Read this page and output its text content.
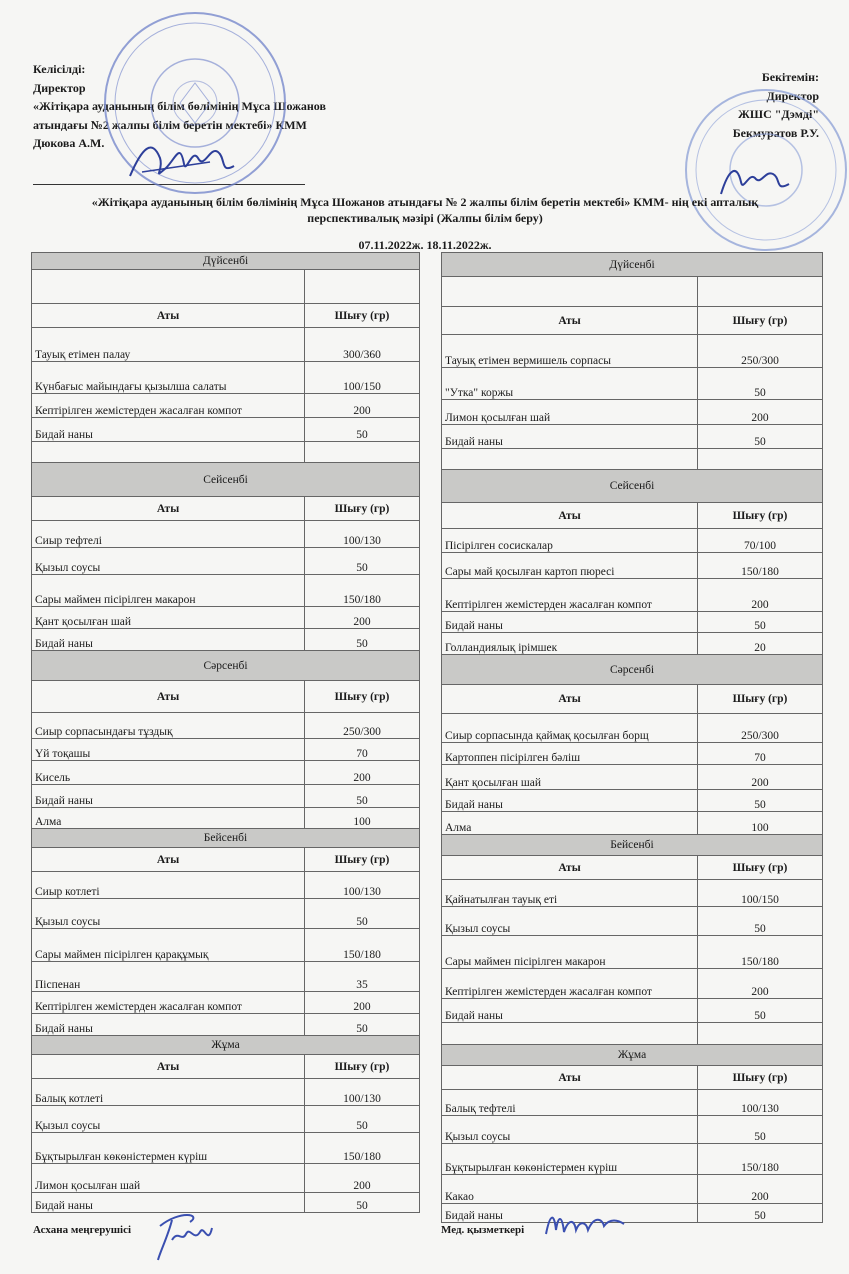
Келісілді:
Директор
«Жітіқара ауданының білім бөлімінің Мұса Шожанов
атындағы №2 жалпы білім беретін мектебі» КММ
Дюкова А.М.
Бекітемін:
Директор
ЖШС "Дэмді"
Бекмуратов Р.У.
«Жітіқара ауданының білім бөлімінің Мұса Шожанов атындағы № 2 жалпы білім беретін мектебі» КММ- нің екі апталық
перспективалық мәзірі (Жалпы білім беру)
07.11.2022ж. 18.11.2022ж.
Дүйсенбі	

Аты	Шығу (гр)
Тауық етімен палау	300/360
Күнбағыс майындағы қызылша салаты	100/150
Кептірілген жемістерден жасалған компот	200
Бидай наны	50

Сейсенбі	
Аты	Шығу (гр)
Сиыр тефтелі	100/130
Қызыл соусы	50
Сары маймен пісірілген макарон	150/180
Қант қосылған шай	200
Бидай наны	50
Сәрсенбі	
Аты	Шығу (гр)
Сиыр сорпасындағы тұздық	250/300
Үй тоқашы	70
Кисель	200
Бидай наны	50
Алма	100
Бейсенбі	
Аты	Шығу (гр)
Сиыр котлеті	100/130
Қызыл соусы	50
Сары маймен пісірілген қарақұмық	150/180
Піспенан	35
Кептірілген жемістерден жасалған компот	200
Бидай наны	50
Жұма	
Аты	Шығу (гр)
Балық котлеті	100/130
Қызыл соусы	50
Бұқтырылған көкөністермен күріш	150/180
Лимон қосылған шай	200
Бидай наны	50
Дүйсенбі	

Аты	Шығу (гр)
Тауық етімен вермишель сорпасы	250/300
"Утка" коржы	50
Лимон қосылған шай	200
Бидай наны	50

Сейсенбі	
Аты	Шығу (гр)
Пісірілген сосискалар	70/100
Сары май қосылған картоп пюресі	150/180
Кептірілген жемістерден жасалған компот	200
Бидай наны	50
Голландиялық ірімшек	20
Сәрсенбі	
Аты	Шығу (гр)
Сиыр сорпасында қаймақ қосылған борщ	250/300
Картоппен пісірілген бәліш	70
Қант қосылған шай	200
Бидай наны	50
Алма	100
Бейсенбі	
Аты	Шығу (гр)
Қайнатылған тауық еті	100/150
Қызыл соусы	50
Сары маймен пісірілген макарон	150/180
Кептірілген жемістерден жасалған компот	200
Бидай наны	50

Жұма	
Аты	Шығу (гр)
Балық тефтелі	100/130
Қызыл соусы	50
Бұқтырылған көкөністермен күріш	150/180
Какао	200
Бидай наны	50
Асхана меңгерушісі	Мед. қызметкері
